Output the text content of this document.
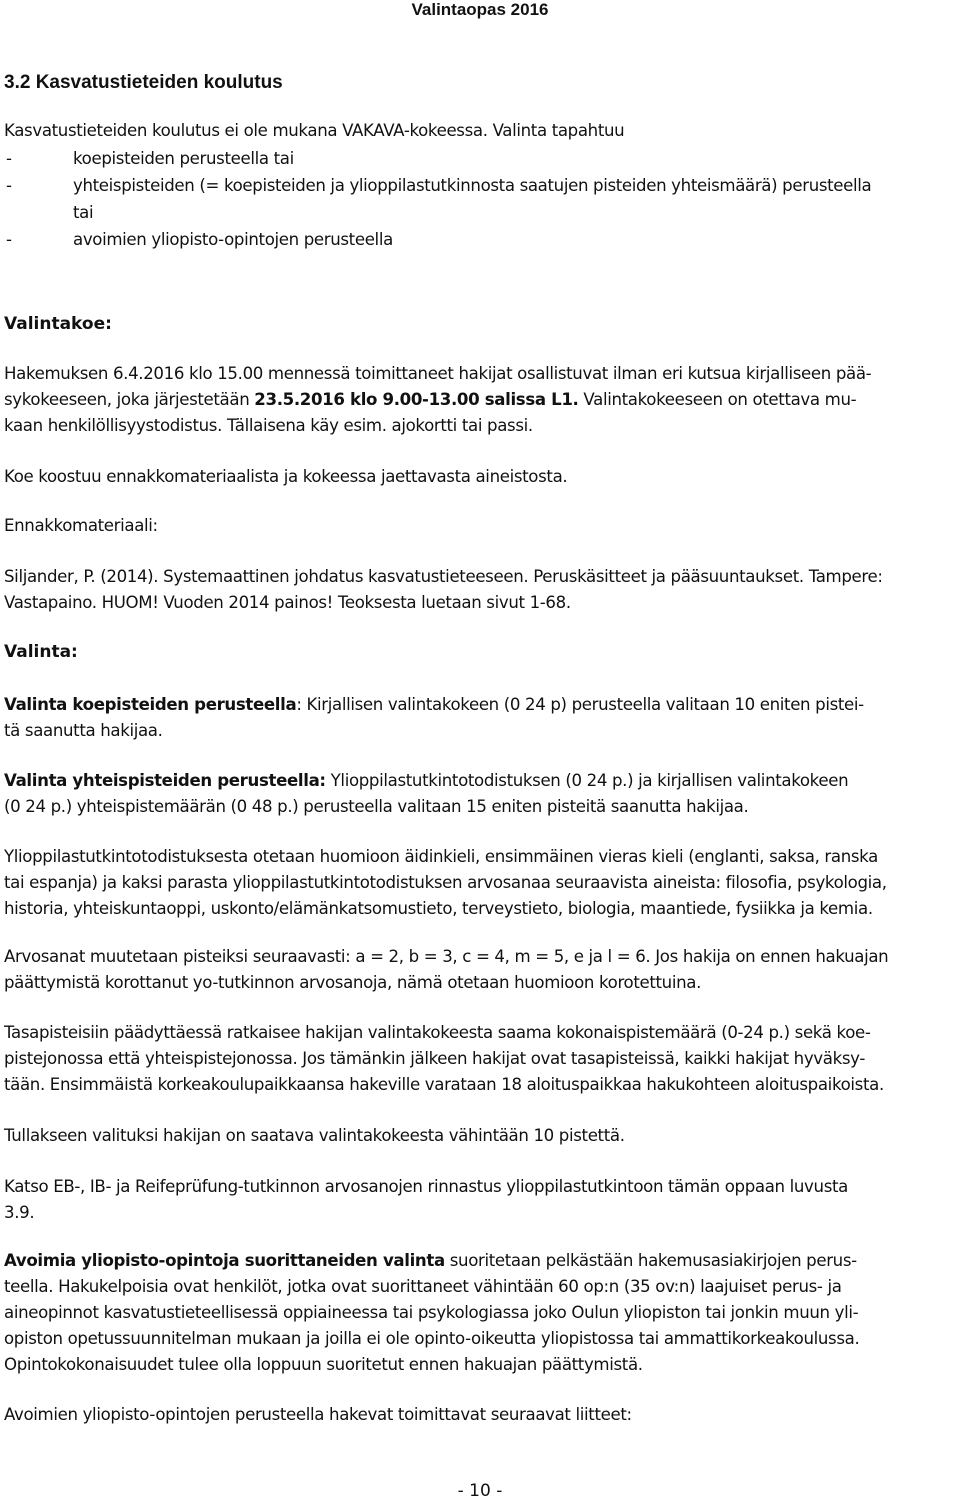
Valintaopas 2016
3.2 Kasvatustieteiden koulutus
Kasvatustieteiden koulutus ei ole mukana VAKAVA-kokeessa. Valinta tapahtuu
-	koepisteiden perusteella tai
-	yhteispisteiden (= koepisteiden ja ylioppilastutkinnosta saatujen pisteiden yhteismäärä) perusteella
tai
-	avoimien yliopisto-opintojen perusteella
Valintakoe:
Hakemuksen 6.4.2016 klo 15.00 mennessä toimittaneet hakijat osallistuvat ilman eri kutsua kirjalliseen pää-
sykokeeseen, joka järjestetään 23.5.2016 klo 9.00-13.00 salissa L1. Valintakokeeseen on otettava mu-
kaan henkilöllisyystodistus. Tällaisena käy esim. ajokortti tai passi.
Koe koostuu ennakkomateriaalista ja kokeessa jaettavasta aineistosta.
Ennakkomateriaali:
Siljander, P. (2014). Systemaattinen johdatus kasvatustieteeseen. Peruskäsitteet ja pääsuuntaukset. Tampere:
Vastapaino. HUOM! Vuoden 2014 painos! Teoksesta luetaan sivut 1-68.
Valinta:
Valinta koepisteiden perusteella: Kirjallisen valintakokeen (0 24 p) perusteella valitaan 10 eniten pistei-
tä saanutta hakijaa.
Valinta yhteispisteiden perusteella: Ylioppilastutkintotodistuksen (0 24 p.) ja kirjallisen valintakokeen
(0 24 p.) yhteispistemäärän (0 48 p.) perusteella valitaan 15 eniten pisteitä saanutta hakijaa.
Ylioppilastutkintotodistuksesta otetaan huomioon äidinkieli, ensimmäinen vieras kieli (englanti, saksa, ranska
tai espanja) ja kaksi parasta ylioppilastutkintotodistuksen arvosanaa seuraavista aineista: filosofia, psykologia,
historia, yhteiskuntaoppi, uskonto/elämänkatsomustieto, terveystieto, biologia, maantiede, fysiikka ja kemia.
Arvosanat muutetaan pisteiksi seuraavasti: a = 2, b = 3, c = 4, m = 5, e ja l = 6. Jos hakija on ennen hakuajan
päättymistä korottanut yo-tutkinnon arvosanoja, nämä otetaan huomioon korotettuina.
Tasapisteisiin päädyttäessä ratkaisee hakijan valintakokeesta saama kokonaispistemäärä (0-24 p.) sekä koe-
pistejonossa että yhteispistejonossa. Jos tämänkin jälkeen hakijat ovat tasapisteissä, kaikki hakijat hyväksy-
tään. Ensimmäistä korkeakoulupaikkaansa hakeville varataan 18 aloituspaikkaa hakukohteen aloituspaikoista.
Tullakseen valituksi hakijan on saatava valintakokeesta vähintään 10 pistettä.
Katso EB-, IB- ja Reifeprüfung-tutkinnon arvosanojen rinnastus ylioppilastutkintoon tämän oppaan luvusta
3.9.
Avoimia yliopisto-opintoja suorittaneiden valinta suoritetaan pelkästään hakemusasiakirjojen perus-
teella. Hakukelpoisia ovat henkilöt, jotka ovat suorittaneet vähintään 60 op:n (35 ov:n) laajuiset perus- ja
aineopinnot kasvatustieteellisessä oppiaineessa tai psykologiassa joko Oulun yliopiston tai jonkin muun yli-
opiston opetussuunnitelman mukaan ja joilla ei ole opinto-oikeutta yliopistossa tai ammattikorkeakoulussa.
Opintokokonaisuudet tulee olla loppuun suoritetut ennen hakuajan päättymistä.
Avoimien yliopisto-opintojen perusteella hakevat toimittavat seuraavat liitteet:
- 10 -
